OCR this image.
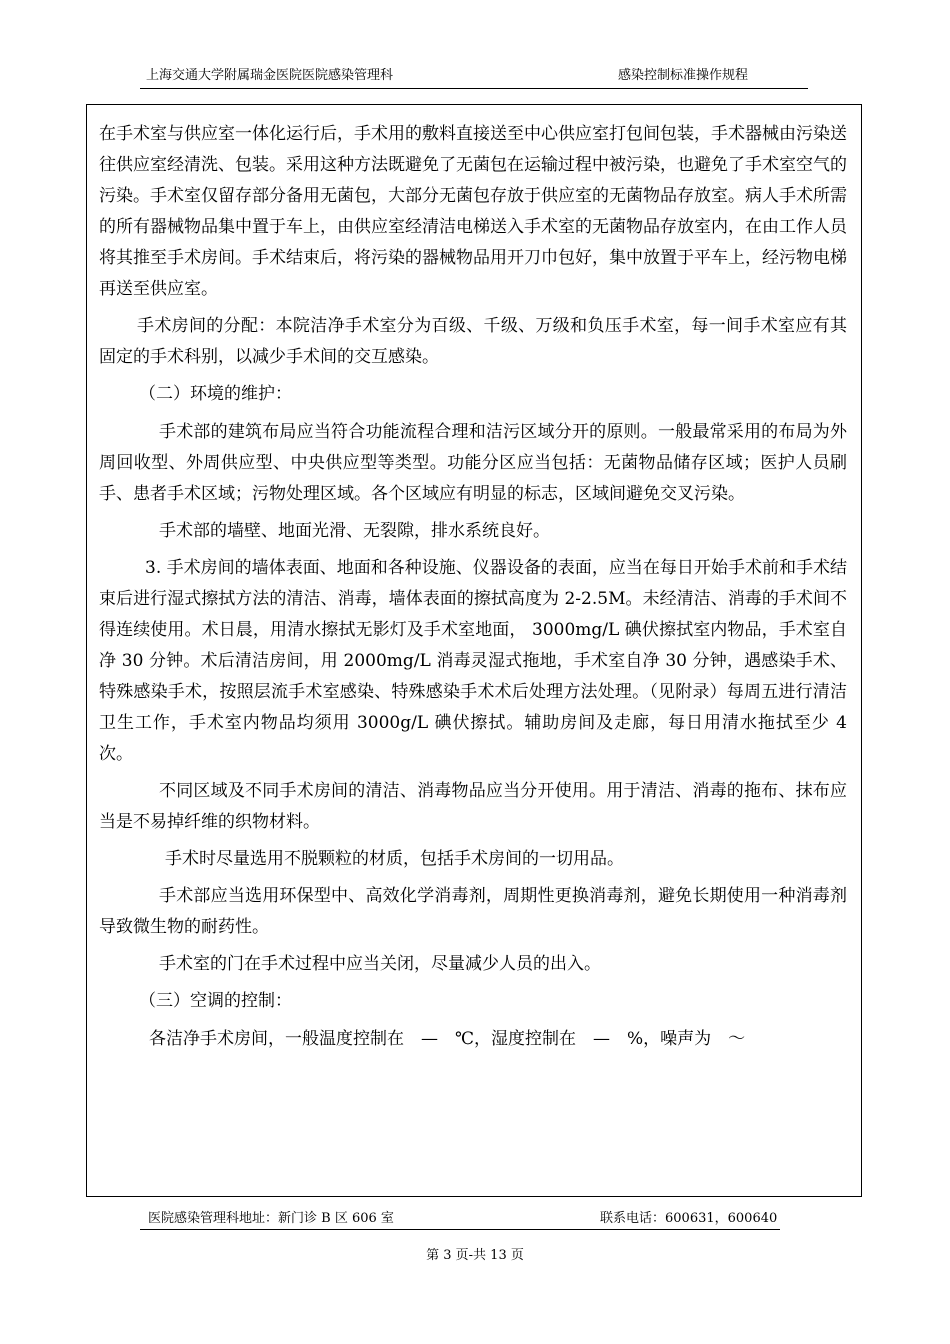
上海交通大学附属瑞金医院医院感染管理科	感染控制标准操作规程

在手术室与供应室一体化运行后，手术用的敷料直接送至中心供应室打包间包装，手术器械由污染送往供应室经清洗、包装。采用这种方法既避免了无菌包在运输过程中被污染，也避免了手术室空气的污染。手术室仅留存部分备用无菌包，大部分无菌包存放于供应室的无菌物品存放室。病人手术所需的所有器械物品集中置于车上，由供应室经清洁电梯送入手术室的无菌物品存放室内，在由工作人员将其推至手术房间。手术结束后，将污染的器械物品用开刀巾包好，集中放置于平车上，经污物电梯再送至供应室。

手术房间的分配：本院洁净手术室分为百级、千级、万级和负压手术室，每一间手术室应有其固定的手术科别，以减少手术间的交互感染。

（二）环境的维护：

手术部的建筑布局应当符合功能流程合理和洁污区域分开的原则。一般最常采用的布局为外周回收型、外周供应型、中央供应型等类型。功能分区应当包括：无菌物品储存区域；医护人员刷手、患者手术区域；污物处理区域。各个区域应有明显的标志，区域间避免交叉污染。

手术部的墙壁、地面光滑、无裂隙，排水系统良好。

3. 手术房间的墙体表面、地面和各种设施、仪器设备的表面，应当在每日开始手术前和手术结束后进行湿式擦拭方法的清洁、消毒，墙体表面的擦拭高度为 2-2.5M。未经清洁、消毒的手术间不得连续使用。术日晨，用清水擦拭无影灯及手术室地面， 3000mg/L 碘伏擦拭室内物品，手术室自净 30 分钟。术后清洁房间，用 2000mg/L 消毒灵湿式拖地，手术室自净 30 分钟，遇感染手术、特殊感染手术，按照层流手术室感染、特殊感染手术术后处理方法处理。（见附录）每周五进行清洁卫生工作，手术室内物品均须用 3000g/L 碘伏擦拭。辅助房间及走廊，每日用清水拖拭至少 4 次。

不同区域及不同手术房间的清洁、消毒物品应当分开使用。用于清洁、消毒的拖布、抹布应当是不易掉纤维的织物材料。

手术时尽量选用不脱颗粒的材质，包括手术房间的一切用品。

手术部应当选用环保型中、高效化学消毒剂，周期性更换消毒剂，避免长期使用一种消毒剂导致微生物的耐药性。

手术室的门在手术过程中应当关闭，尽量减少人员的出入。

（三）空调的控制：

各洁净手术房间，一般温度控制在　—　℃，湿度控制在　—　%，噪声为　～

医院感染管理科地址：新门诊 B 区 606 室	联系电话：600631，600640
第 3 页-共 13 页
